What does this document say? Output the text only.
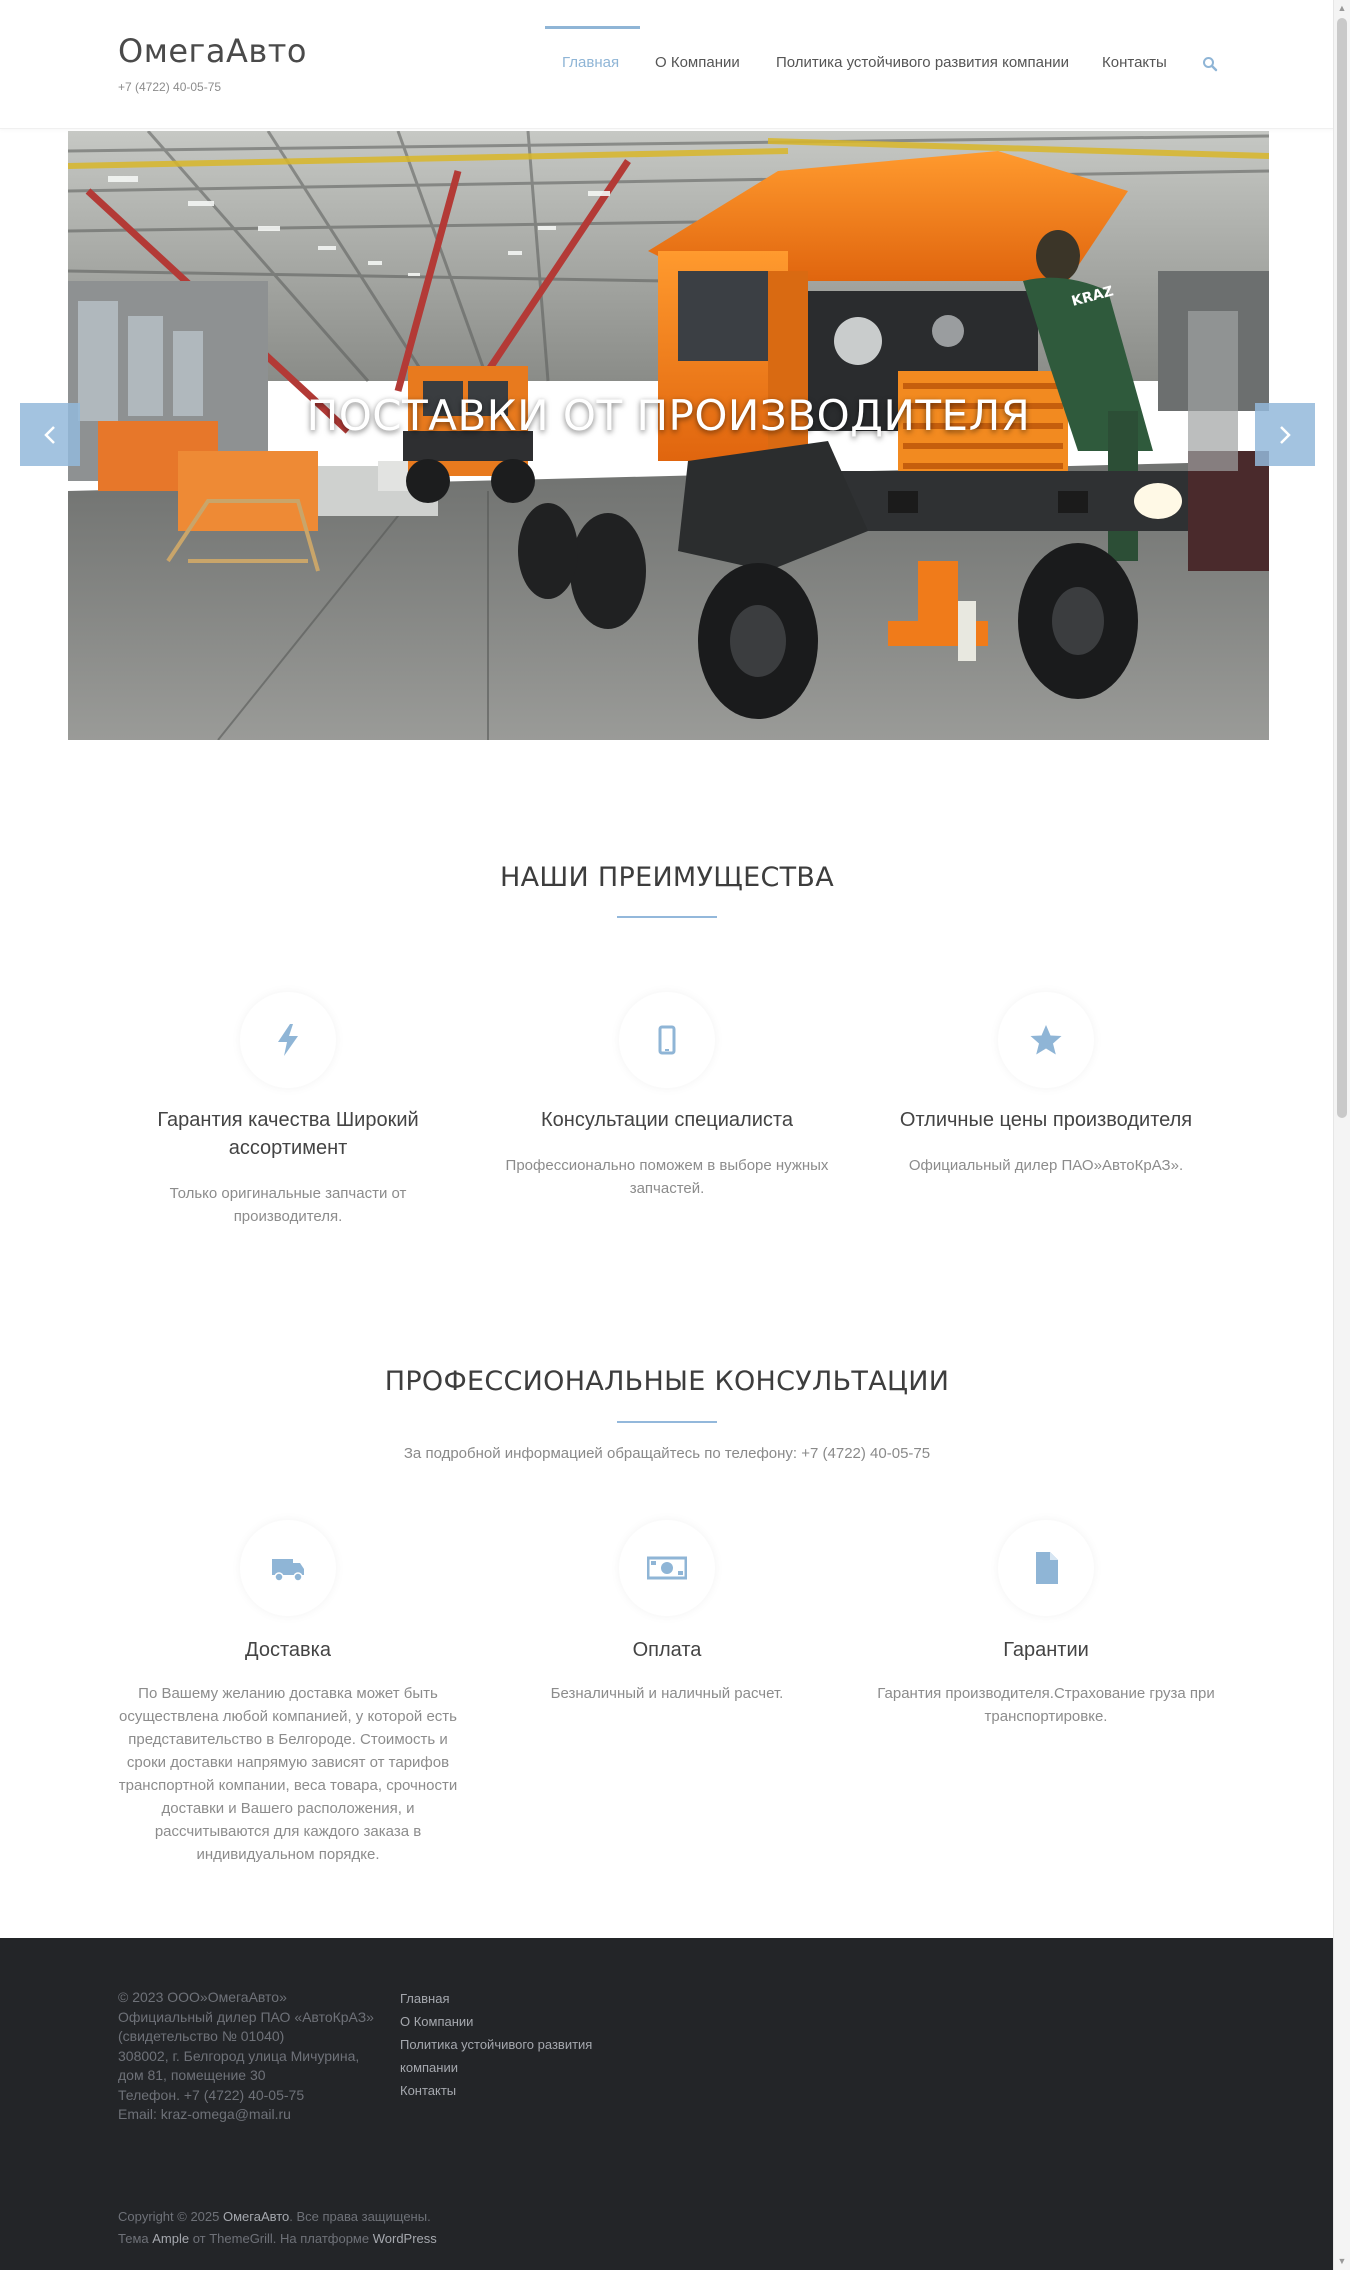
ОмегаАвто
+7 (4722) 40-05-75
Главная О Компании Политика устойчивого развития компании Контакты
KRAZ
ПОСТАВКИ ОТ ПРОИЗВОДИТЕЛЯ
НАШИ ПРЕИМУЩЕСТВА
Гарантия качества Широкий ассортимент
Только оригинальные запчасти от производителя.
Консультации специалиста
Профессионально поможем в выборе нужных запчастей.
Отличные цены производителя
Официальный дилер ПАО»АвтоКрАЗ».
ПРОФЕССИОНАЛЬНЫЕ КОНСУЛЬТАЦИИ
За подробной информацией обращайтесь по телефону: +7 (4722) 40-05-75
Доставка
По Вашему желанию доставка может быть осуществлена любой компанией, у которой есть представительство в Белгороде. Стоимость и сроки доставки напрямую зависят от тарифов транспортной компании, веса товара, срочности доставки и Вашего расположения, и рассчитываются для каждого заказа в индивидуальном порядке.
Оплата
Безналичный и наличный расчет.
Гарантии
Гарантия производителя.Страхование груза при транспортировке.
© 2023 ООО»ОмегаАвто»
Официальный дилер ПАО «АвтоКрАЗ»
(свидетельство № 01040)
308002, г. Белгород улица Мичурина,
дом 81, помещение 30
Телефон. +7 (4722) 40-05-75
Email: kraz-omega@mail.ru
Главная
О Компании
Политика устойчивого развития компании
Контакты
Copyright © 2025 ОмегаАвто. Все права защищены.
Тема Ample от ThemeGrill. На платформе WordPress
▲
▼
